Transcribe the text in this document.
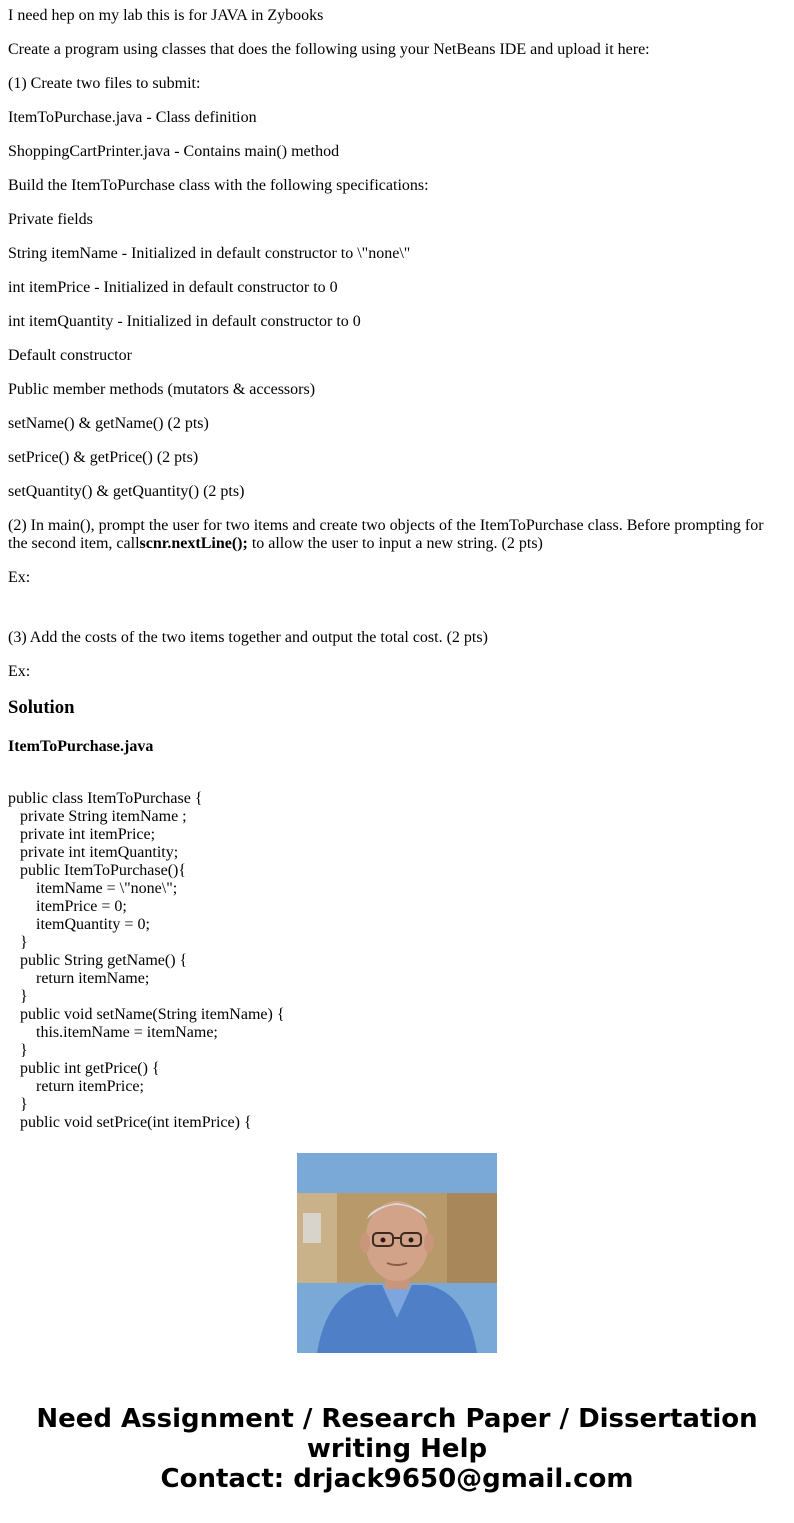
I need hep on my lab this is for JAVA in Zybooks

Create a program using classes that does the following using your NetBeans IDE and upload it here:

(1) Create two files to submit:

ItemToPurchase.java - Class definition

ShoppingCartPrinter.java - Contains main() method

Build the ItemToPurchase class with the following specifications:

Private fields

String itemName - Initialized in default constructor to \"none\"

int itemPrice - Initialized in default constructor to 0

int itemQuantity - Initialized in default constructor to 0

Default constructor

Public member methods (mutators & accessors)

setName() & getName() (2 pts)

setPrice() & getPrice() (2 pts)

setQuantity() & getQuantity() (2 pts)

(2) In main(), prompt the user for two items and create two objects of the ItemToPurchase class. Before prompting for the second item, callscnr.nextLine(); to allow the user to input a new string. (2 pts)

Ex:

(3) Add the costs of the two items together and output the total cost. (2 pts)

Ex:

Solution

ItemToPurchase.java

public class ItemToPurchase {
private String itemName ;
private int itemPrice;
private int itemQuantity;
public ItemToPurchase(){
itemName = \"none\";
itemPrice = 0;
itemQuantity = 0;
}
public String getName() {
return itemName;
}
public void setName(String itemName) {
this.itemName = itemName;
}
public int getPrice() {
return itemPrice;
}
public void setPrice(int itemPrice) {

Need Assignment / Research Paper / Dissertation
writing Help
Contact: drjack9650@gmail.com
